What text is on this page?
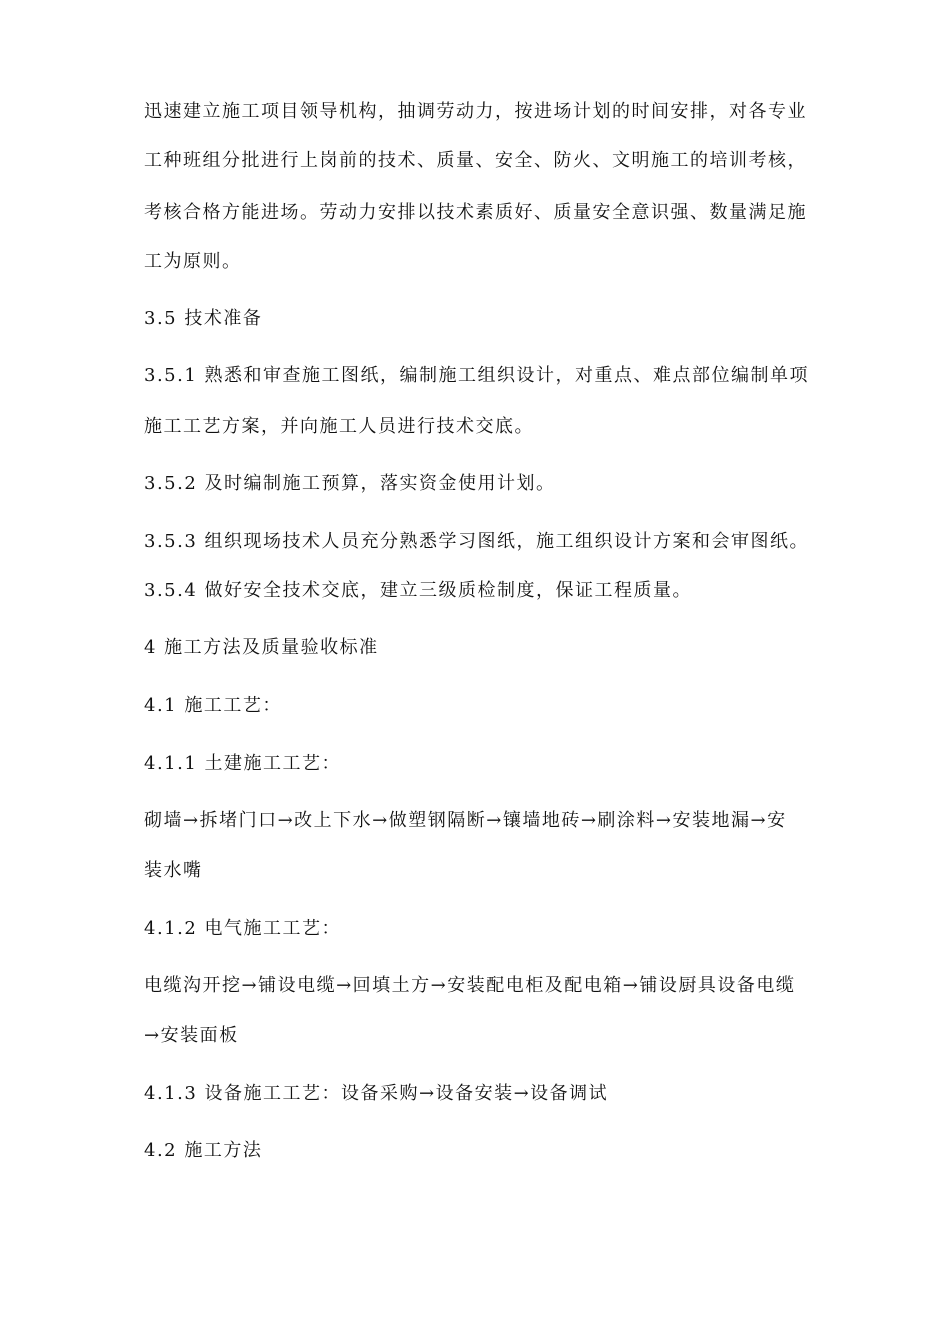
迅速建立施工项目领导机构，抽调劳动力，按进场计划的时间安排，对各专业
工种班组分批进行上岗前的技术、质量、安全、防火、文明施工的培训考核，
考核合格方能进场。劳动力安排以技术素质好、质量安全意识强、数量满足施
工为原则。
3.5 技术准备
3.5.1 熟悉和审查施工图纸，编制施工组织设计，对重点、难点部位编制单项
施工工艺方案，并向施工人员进行技术交底。
3.5.2 及时编制施工预算，落实资金使用计划。
3.5.3 组织现场技术人员充分熟悉学习图纸，施工组织设计方案和会审图纸。
3.5.4 做好安全技术交底，建立三级质检制度，保证工程质量。
4 施工方法及质量验收标准
4.1 施工工艺：
4.1.1 土建施工工艺：
砌墙→拆堵门口→改上下水→做塑钢隔断→镶墙地砖→刷涂料→安装地漏→安
装水嘴
4.1.2 电气施工工艺：
电缆沟开挖→铺设电缆→回填土方→安装配电柜及配电箱→铺设厨具设备电缆
→安装面板
4.1.3 设备施工工艺：设备采购→设备安装→设备调试
4.2 施工方法
